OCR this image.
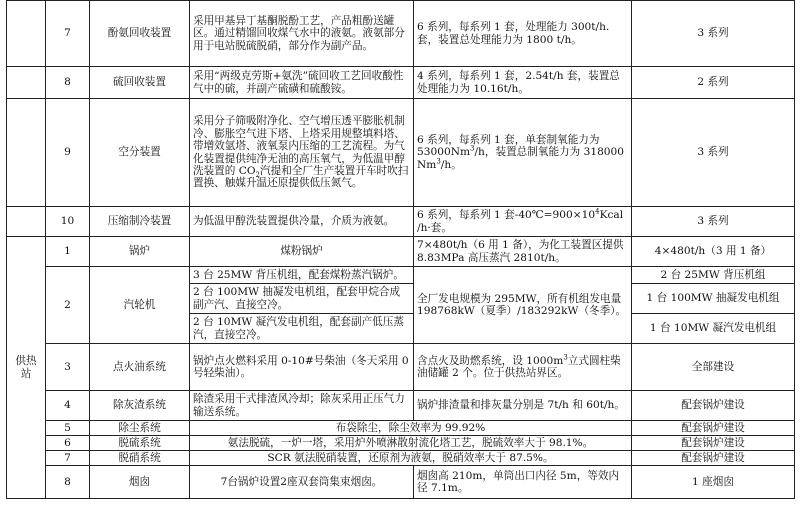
	7	酚氨回收装置	采用甲基异丁基酮脱酚工艺，产品粗酚送罐区。通过精馏回收煤气水中的液氨。液氨部分用于电站脱硫脱硝，部分作为副产品。	6 系列，每系列 1 套，处理能力 300t/h. 套，装置总处理能力为 1800 t/h。	3 系列
	8	硫回收装置	采用“两级克劳斯+氨洗”硫回收工艺回收酸性气中的硫，并副产硫磺和硫酸铵。	4 系列，每系列 1 套，2.54t/h 套，装置总处理能力为 10.16t/h。	2 系列
	9	空分装置	采用分子筛吸附净化、空气增压透平膨胀机制冷、膨胀空气进下塔、上塔采用规整填料塔、带增效氩塔、液氧泵内压缩的工艺流程。为气化装置提供纯净无油的高压氧气，为低温甲醇洗装置的 $CO_2$汽提和全厂生产装置开车时吹扫置换、触媒升温还原提供低压氮气。	6 系列，每系列 1 套，单套制氧能力为 53000Nm$^3$/h，装置总制氧能力为 318000 Nm$^3$/h。	3 系列
	10	压缩制冷装置	为低温甲醇洗装置提供冷量，介质为液氨。	6 系列，每系列 1 套$-40℃=900\times 10^4Kcal$ /h·套。	3 系列
供热站	1	锅炉	煤粉锅炉	7×480t/h（6 用 1 备），为化工装置区提供 8.83MPa 高压蒸汽 2810t/h。	4×480t/h（3 用 1 备）
	2	汽轮机	3 台 25MW 背压机组，配套煤粉蒸汽锅炉。	全厂发电规模为 295MW，所有机组发电量 198768kW（夏季）/183292kW（冬季）。	2 台 25MW 背压机组
			2 台 100MW 抽凝发电机组，配套甲烷合成副产汽、直接空冷。		1 台 100MW 抽凝发电机组
			2 台 10MW 凝汽发电机组，配套副产低压蒸汽，直接空冷。		1 台 10MW 凝汽发电机组
	3	点火油系统	锅炉点火燃料采用 0-10#号柴油（冬天采用 0 号轻柴油）。	含点火及助燃系统，设 $1000m^3$立式圆柱柴油储罐 2 个。位于供热站界区。	全部建设
	4	除灰渣系统	除渣采用干式排渣风冷却；除灰采用正压气力输送系统。	锅炉排渣量和排灰量分别是 7t/h 和 60t/h。	配套锅炉建设
	5	除尘系统	布袋除尘，除尘效率为 99.92%		配套锅炉建设
	6	脱硫系统	氨法脱硫，一炉一塔，采用炉外喷淋散射流化塔工艺，脱硫效率大于 98.1%。		配套锅炉建设
	7	脱硝系统	SCR 氨法脱硝装置，还原剂为液氨，脱硝效率大于 87.5%。		配套锅炉建设
	8	烟囱	7台锅炉设置2座双套筒集束烟囱。	烟囱高 210m，单筒出口内径 5m，等效内径 7.1m。	1 座烟囱
